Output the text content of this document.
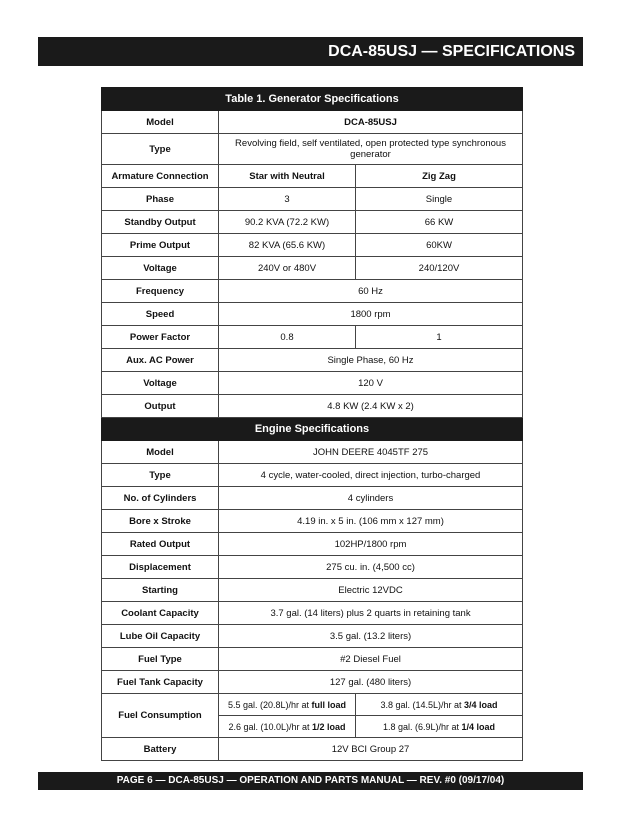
DCA-85USJ — SPECIFICATIONS
Table 1. Generator Specifications		
Model	DCA-85USJ	
Type	Revolving field, self ventilated, open protected type synchronous generator	
Armature Connection	Star with Neutral	Zig Zag
Phase	3	Single
Standby Output	90.2 KVA (72.2 KW)	66 KW
Prime Output	82 KVA (65.6 KW)	60KW
Voltage	240V or 480V	240/120V
Frequency	60 Hz	
Speed	1800 rpm	
Power Factor	0.8	1
Aux. AC Power	Single Phase, 60 Hz	
Voltage	120 V	
Output	4.8 KW (2.4 KW x 2)	
Engine Specifications		
Model	JOHN DEERE 4045TF 275	
Type	4 cycle, water-cooled, direct injection, turbo-charged	
No. of Cylinders	4 cylinders	
Bore x Stroke	4.19 in. x 5 in. (106 mm x 127 mm)	
Rated Output	102HP/1800 rpm	
Displacement	275 cu. in. (4,500 cc)	
Starting	Electric 12VDC	
Coolant Capacity	3.7 gal. (14 liters) plus 2 quarts in retaining tank	
Lube Oil Capacity	3.5 gal. (13.2 liters)	
Fuel Type	#2 Diesel Fuel	
Fuel Tank Capacity	127 gal. (480 liters)	
Fuel Consumption	5.5 gal. (20.8L)/hr at full load	3.8 gal. (14.5L)/hr at 3/4 load
	2.6 gal. (10.0L)/hr at 1/2 load	1.8 gal. (6.9L)/hr at 1/4 load
Battery	12V BCI Group 27	
PAGE 6 — DCA-85USJ — OPERATION AND PARTS MANUAL — REV. #0 (09/17/04)
